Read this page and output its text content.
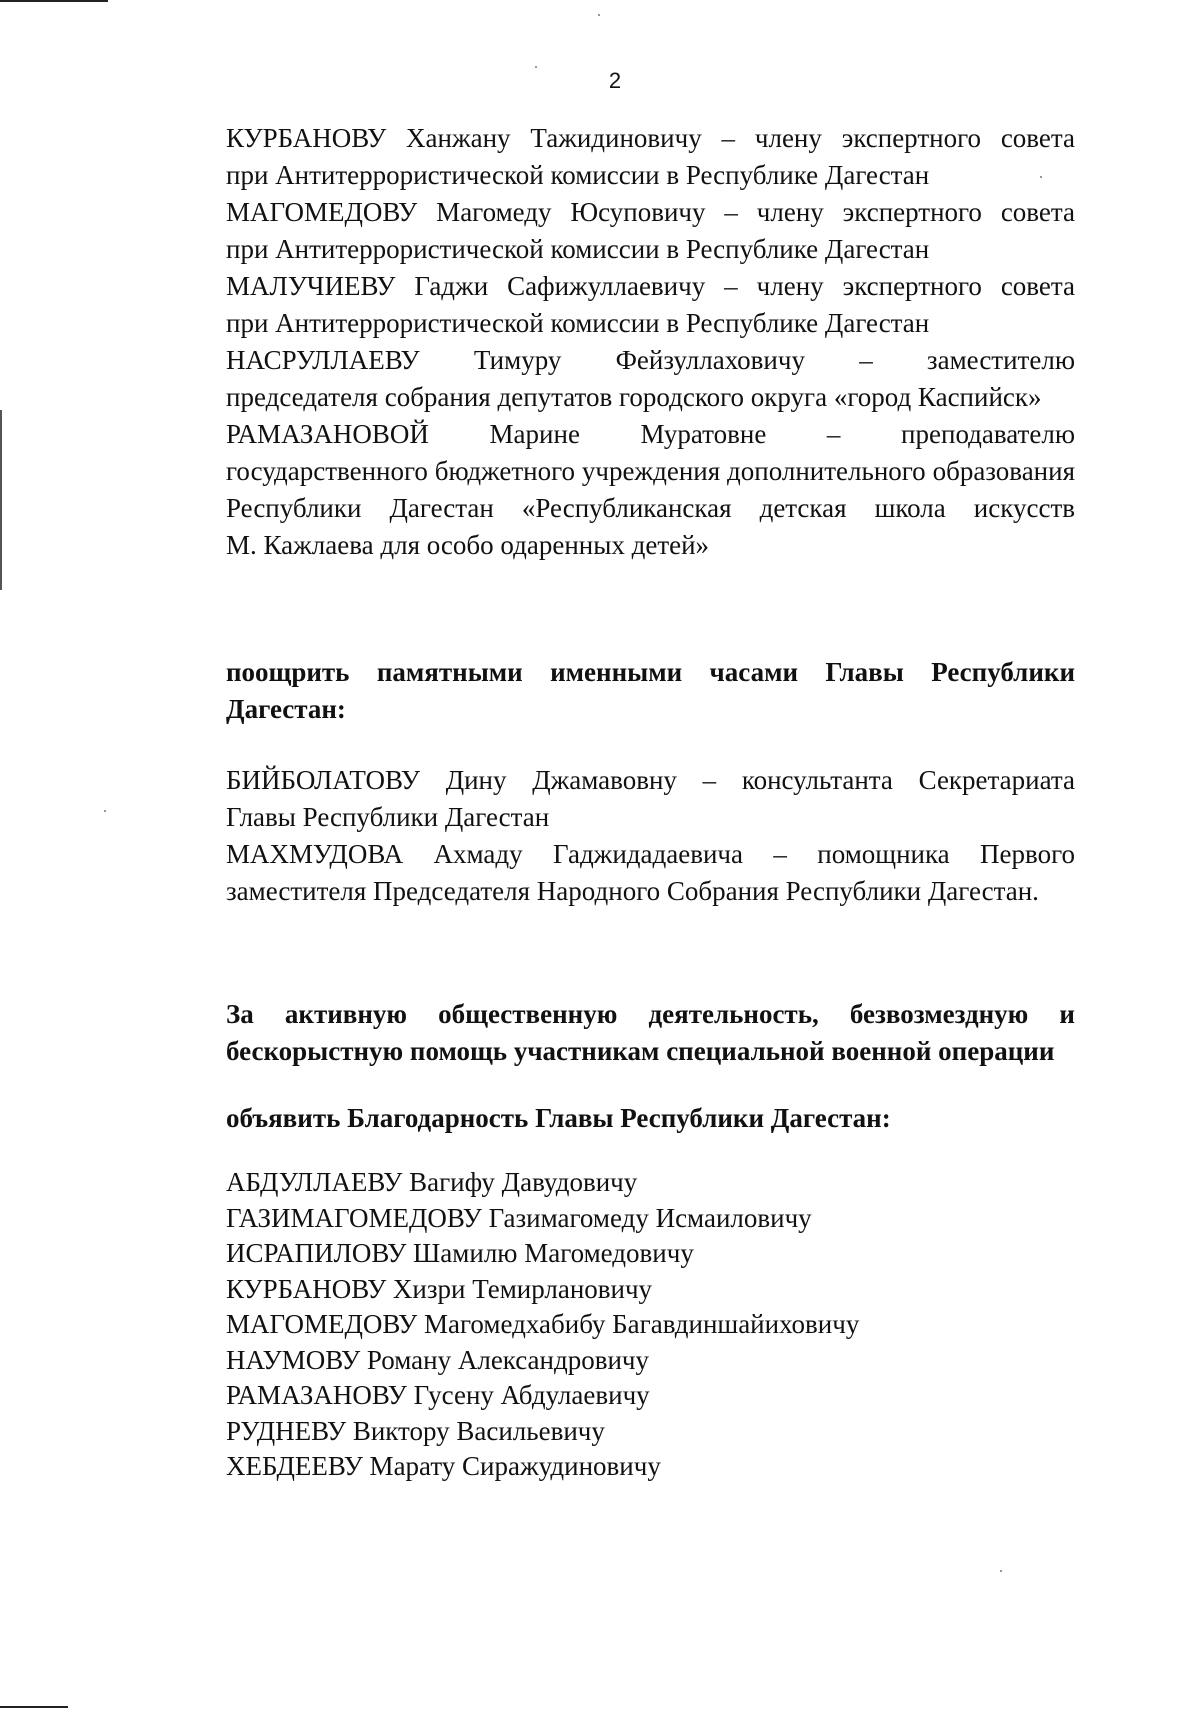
2
КУРБАНОВУ Ханжану Тажидиновичу – члену экспертного совета
при Антитеррористической комиссии в Республике Дагестан
МАГОМЕДОВУ Магомеду Юсуповичу – члену экспертного совета
при Антитеррористической комиссии в Республике Дагестан
МАЛУЧИЕВУ Гаджи Сафижуллаевичу – члену экспертного совета
при Антитеррористической комиссии в Республике Дагестан
НАСРУЛЛАЕВУ Тимуру Фейзуллаховичу – заместителю
председателя собрания депутатов городского округа «город Каспийск»
РАМАЗАНОВОЙ Марине Муратовне – преподавателю
государственного бюджетного учреждения дополнительного образования
Республики Дагестан «Республиканская детская школа искусств
М. Кажлаева для особо одаренных детей»
поощрить памятными именными часами Главы Республики
Дагестан:
БИЙБОЛАТОВУ Дину Джамавовну – консультанта Секретариата
Главы Республики Дагестан
МАХМУДОВА Ахмаду Гаджидадаевича – помощника Первого
заместителя Председателя Народного Собрания Республики Дагестан.
За активную общественную деятельность, безвозмездную и
бескорыстную помощь участникам специальной военной операции
объявить Благодарность Главы Республики Дагестан:
АБДУЛЛАЕВУ Вагифу Давудовичу
ГАЗИМАГОМЕДОВУ Газимагомеду Исмаиловичу
ИСРАПИЛОВУ Шамилю Магомедовичу
КУРБАНОВУ Хизри Темирлановичу
МАГОМЕДОВУ Магомедхабибу Багавдиншайиховичу
НАУМОВУ Роману Александровичу
РАМАЗАНОВУ Гусену Абдулаевичу
РУДНЕВУ Виктору Васильевичу
ХЕБДЕЕВУ Марату Сиражудиновичу
